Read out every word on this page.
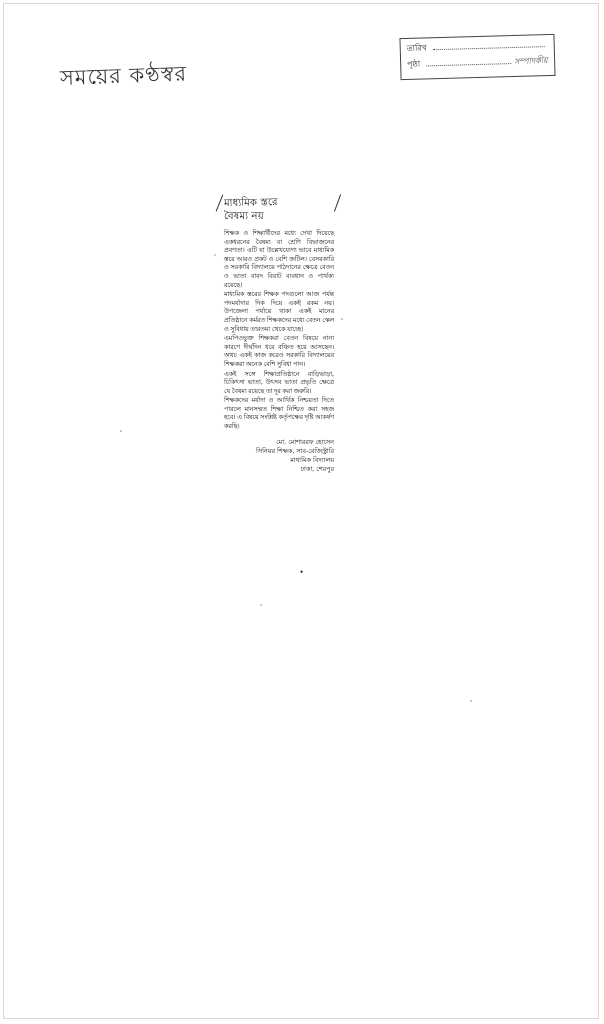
সময়ের কণ্ঠস্বর
তারিখ
পৃষ্ঠা	সম্পাদকীয়
মাধ্যমিক স্তরে
বৈষম্য নয়

শিক্ষক ও শিক্ষার্থীদের মধ্যে দেখা দিয়েছে একধরনের বৈষম্য বা শ্রেণি বিভাজনের প্রবণতা। এটি যা উল্লেখযোগ্য ভাবে মাধ্যমিক স্তরে আরও প্রকট ও বেশি জটিল। বেসরকারি ও সরকারি বিদ্যালয়ে পাঠদানের ক্ষেত্রে বেতন ও ভাতা বাবদ বিরাট ব্যবধান ও পার্থক্য রয়েছে।

মাধ্যমিক স্তরের শিক্ষক পদগুলো আজ পর্যন্ত পদমর্যাদার দিক দিয়ে একই রকম নয়। উপজেলা পর্যায়ে থাকা একই মানের প্রতিষ্ঠানে কর্মরত শিক্ষকদের মধ্যে বেতন স্কেল ও সুবিধায় তারতম্য থেকে যাচ্ছে।

এমপিওভুক্ত শিক্ষকরা বেতন বিষয়ে নানা কারণে দীর্ঘদিন ধরে বঞ্চিত হয়ে আসছেন। অথচ একই কাজ করেও সরকারি বিদ্যালয়ের শিক্ষকরা অনেক বেশি সুবিধা পান।

একই সঙ্গে শিক্ষাপ্রতিষ্ঠানে বাড়িভাড়া, চিকিৎসা ভাতা, উৎসব ভাতা প্রভৃতি ক্ষেত্রে যে বৈষম্য রয়েছে তা দূর করা জরুরি।

শিক্ষকদের মর্যাদা ও আর্থিক নিশ্চয়তা দিতে পারলে মানসম্মত শিক্ষা নিশ্চিত করা সহজ হবে। এ বিষয়ে সংশ্লিষ্ট কর্তৃপক্ষের দৃষ্টি আকর্ষণ করছি।

মো. মোশাররফ হোসেন
সিনিয়র শিক্ষক, সাব-রেজিস্ট্রারি
মাধ্যমিক বিদ্যালয়
ঢাকা, শেরপুর
•
